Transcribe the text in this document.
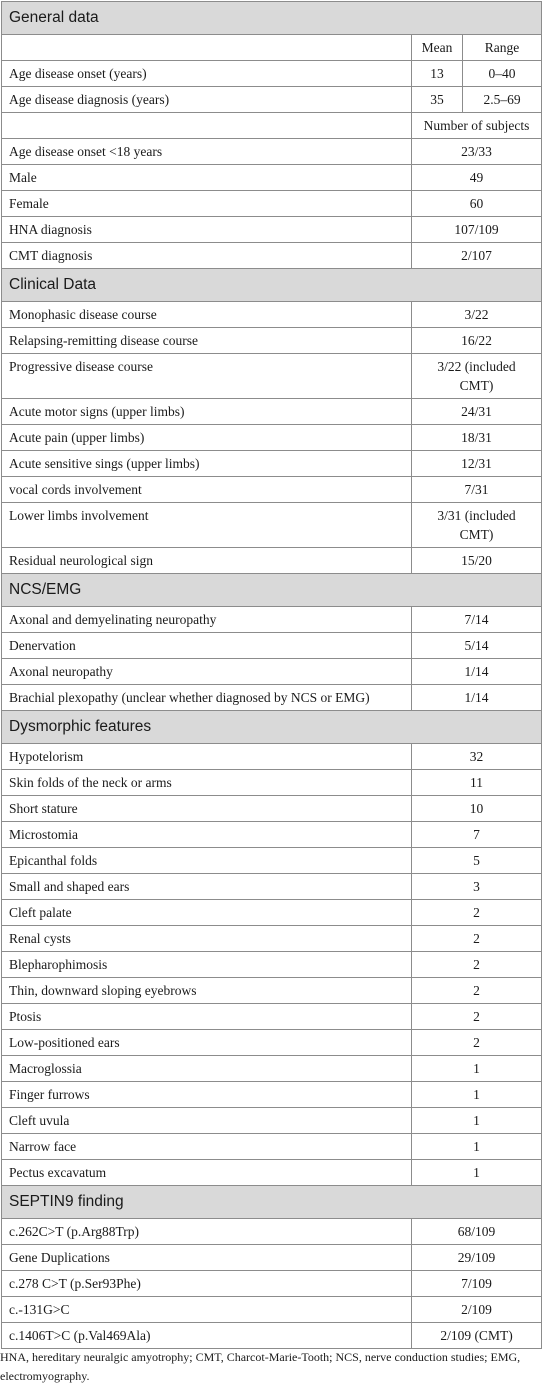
General data		
	Mean	Range
Age disease onset (years)	13	0–40
Age disease diagnosis (years)	35	2.5–69
	Number of subjects	
Age disease onset <18 years	23/33	
Male	49	
Female	60	
HNA diagnosis	107/109	
CMT diagnosis	2/107	
Clinical Data		
Monophasic disease course	3/22	
Relapsing-remitting disease course	16/22	
Progressive disease course	3/22 (included CMT)	
Acute motor signs (upper limbs)	24/31	
Acute pain (upper limbs)	18/31	
Acute sensitive sings (upper limbs)	12/31	
vocal cords involvement	7/31	
Lower limbs involvement	3/31 (included CMT)	
Residual neurological sign	15/20	
NCS/EMG		
Axonal and demyelinating neuropathy	7/14	
Denervation	5/14	
Axonal neuropathy	1/14	
Brachial plexopathy (unclear whether diagnosed by NCS or EMG)	1/14	
Dysmorphic features		
Hypotelorism	32	
Skin folds of the neck or arms	11	
Short stature	10	
Microstomia	7	
Epicanthal folds	5	
Small and shaped ears	3	
Cleft palate	2	
Renal cysts	2	
Blepharophimosis	2	
Thin, downward sloping eyebrows	2	
Ptosis	2	
Low-positioned ears	2	
Macroglossia	1	
Finger furrows	1	
Cleft uvula	1	
Narrow face	1	
Pectus excavatum	1	
SEPTIN9 finding		
c.262C>T (p.Arg88Trp)	68/109	
Gene Duplications	29/109	
c.278 C>T (p.Ser93Phe)	7/109	
c.-131G>C	2/109	
c.1406T>C (p.Val469Ala)	2/109 (CMT)	
HNA, hereditary neuralgic amyotrophy; CMT, Charcot-Marie-Tooth; NCS, nerve conduction studies; EMG, electromyography.
